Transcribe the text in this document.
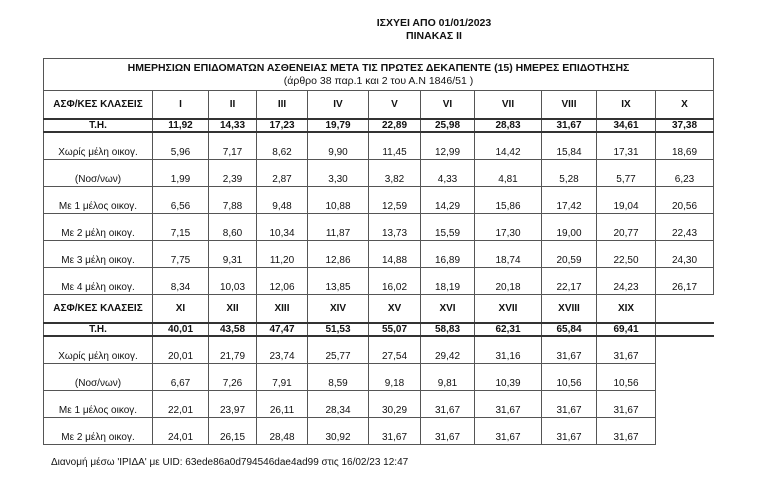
ΙΣΧΥΕΙ ΑΠΟ 01/01/2023
ΠΙΝΑΚΑΣ ΙΙ
ΗΜΕΡΗΣΙΩΝ ΕΠΙΔΟΜΑΤΩΝ ΑΣΘΕΝΕΙΑΣ ΜΕΤΑ ΤΙΣ ΠΡΩΤΕΣ ΔΕΚΑΠΕΝΤΕ (15) ΗΜΕΡΕΣ ΕΠΙΔΟΤΗΣΗΣ
(άρθρο 38 παρ.1 και 2 του Α.Ν 1846/51 )										
ΑΣΦ/ΚΕΣ ΚΛΑΣΕΙΣ	I	II	III	IV	V	VI	VII	VIII	IX	X
Τ.Η.	11,92	14,33	17,23	19,79	22,89	25,98	28,83	31,67	34,61	37,38
Χωρίς μέλη οικογ.	5,96	7,17	8,62	9,90	11,45	12,99	14,42	15,84	17,31	18,69
(Νοσ/νων)	1,99	2,39	2,87	3,30	3,82	4,33	4,81	5,28	5,77	6,23
Με 1 μέλος οικογ.	6,56	7,88	9,48	10,88	12,59	14,29	15,86	17,42	19,04	20,56
Με 2 μέλη οικογ.	7,15	8,60	10,34	11,87	13,73	15,59	17,30	19,00	20,77	22,43
Με 3 μέλη οικογ.	7,75	9,31	11,20	12,86	14,88	16,89	18,74	20,59	22,50	24,30
Με 4 μέλη οικογ.	8,34	10,03	12,06	13,85	16,02	18,19	20,18	22,17	24,23	26,17
ΑΣΦ/ΚΕΣ ΚΛΑΣΕΙΣ	XI	XII	XIII	XIV	XV	XVI	XVII	XVIII	XIX	
Τ.Η.	40,01	43,58	47,47	51,53	55,07	58,83	62,31	65,84	69,41	
Χωρίς μέλη οικογ.	20,01	21,79	23,74	25,77	27,54	29,42	31,16	31,67	31,67	
(Νοσ/νων)	6,67	7,26	7,91	8,59	9,18	9,81	10,39	10,56	10,56	
Με 1 μέλος οικογ.	22,01	23,97	26,11	28,34	30,29	31,67	31,67	31,67	31,67	
Με 2 μέλη οικογ.	24,01	26,15	28,48	30,92	31,67	31,67	31,67	31,67	31,67	
Διανομή μέσω 'ΙΡΙΔΑ' με UID: 63ede86a0d794546dae4ad99 στις 16/02/23 12:47
